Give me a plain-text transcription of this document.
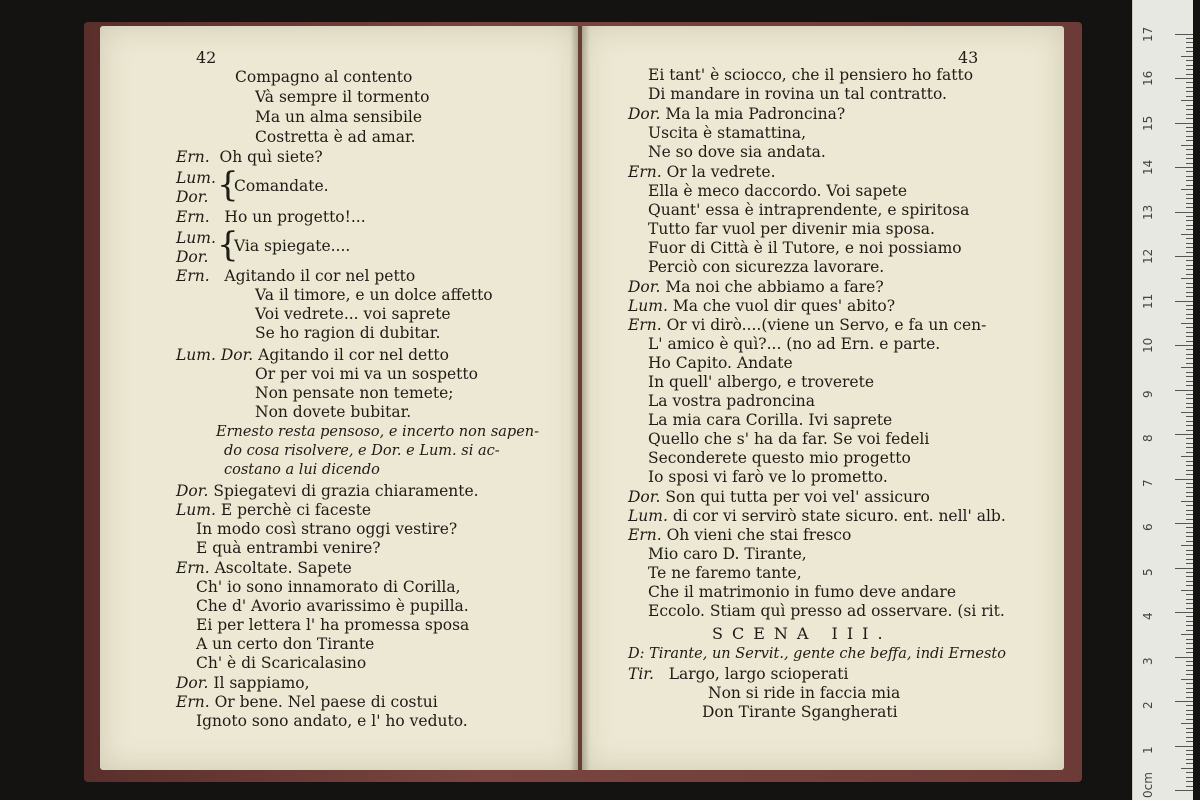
42
Compagno al contento
Và sempre il tormento
Ma un alma sensibile
Costretta è ad amar.
Ern. Oh quì siete?
Lum. {
Comandate.
Dor.
Ern. Ho un progetto!...
Lum. {
Via spiegate....
Dor.
Ern. Agitando il cor nel petto
Va il timore, e un dolce affetto
Voi vedrete... voi saprete
Se ho ragion di dubitar.
Lum. Dor. Agitando il cor nel detto
Or per voi mi va un sospetto
Non pensate non temete;
Non dovete bubitar.
Ernesto resta pensoso, e incerto non sapen-
do cosa risolvere, e Dor. e Lum. si ac-
costano a lui dicendo
Dor. Spiegatevi di grazia chiaramente.
Lum. E perchè ci faceste
In modo così strano oggi vestire?
E quà entrambi venire?
Ern. Ascoltate. Sapete
Ch' io sono innamorato di Corilla,
Che d' Avorio avarissimo è pupilla.
Ei per lettera l' ha promessa sposa
A un certo don Tirante
Ch' è di Scaricalasino
Dor. Il sappiamo,
Ern. Or bene. Nel paese di costui
Ignoto sono andato, e l' ho veduto.
43
Ei tant' è sciocco, che il pensiero ho fatto
Di mandare in rovina un tal contratto.
Dor. Ma la mia Padroncina?
Uscita è stamattina,
Ne so dove sia andata.
Ern. Or la vedrete.
Ella è meco daccordo. Voi sapete
Quant' essa è intraprendente, e spiritosa
Tutto far vuol per divenir mia sposa.
Fuor di Città è il Tutore, e noi possiamo
Perciò con sicurezza lavorare.
Dor. Ma noi che abbiamo a fare?
Lum. Ma che vuol dir ques' abito?
Ern. Or vi dirò....(viene un Servo, e fa un cen-
L' amico è quì?... (no ad Ern. e parte.
Ho Capito. Andate
In quell' albergo, e troverete
La vostra padroncina
La mia cara Corilla. Ivi saprete
Quello che s' ha da far. Se voi fedeli
Seconderete questo mio progetto
Io sposi vi farò ve lo prometto.
Dor. Son qui tutta per voi vel' assicuro
Lum. di cor vi servirò state sicuro. ent. nell' alb.
Ern. Oh vieni che stai fresco
Mio caro D. Tirante,
Te ne faremo tante,
Che il matrimonio in fumo deve andare
Eccolo. Stiam quì presso ad osservare. (si rit.
SCENA III.
D: Tirante, un Servit., gente che beffa, indi Ernesto
Tir. Largo, largo scioperati
Non si ride in faccia mia
Don Tirante Sgangherati
0cm
1
2
3
4
5
6
7
8
9
10
11
12
13
14
15
16
17
